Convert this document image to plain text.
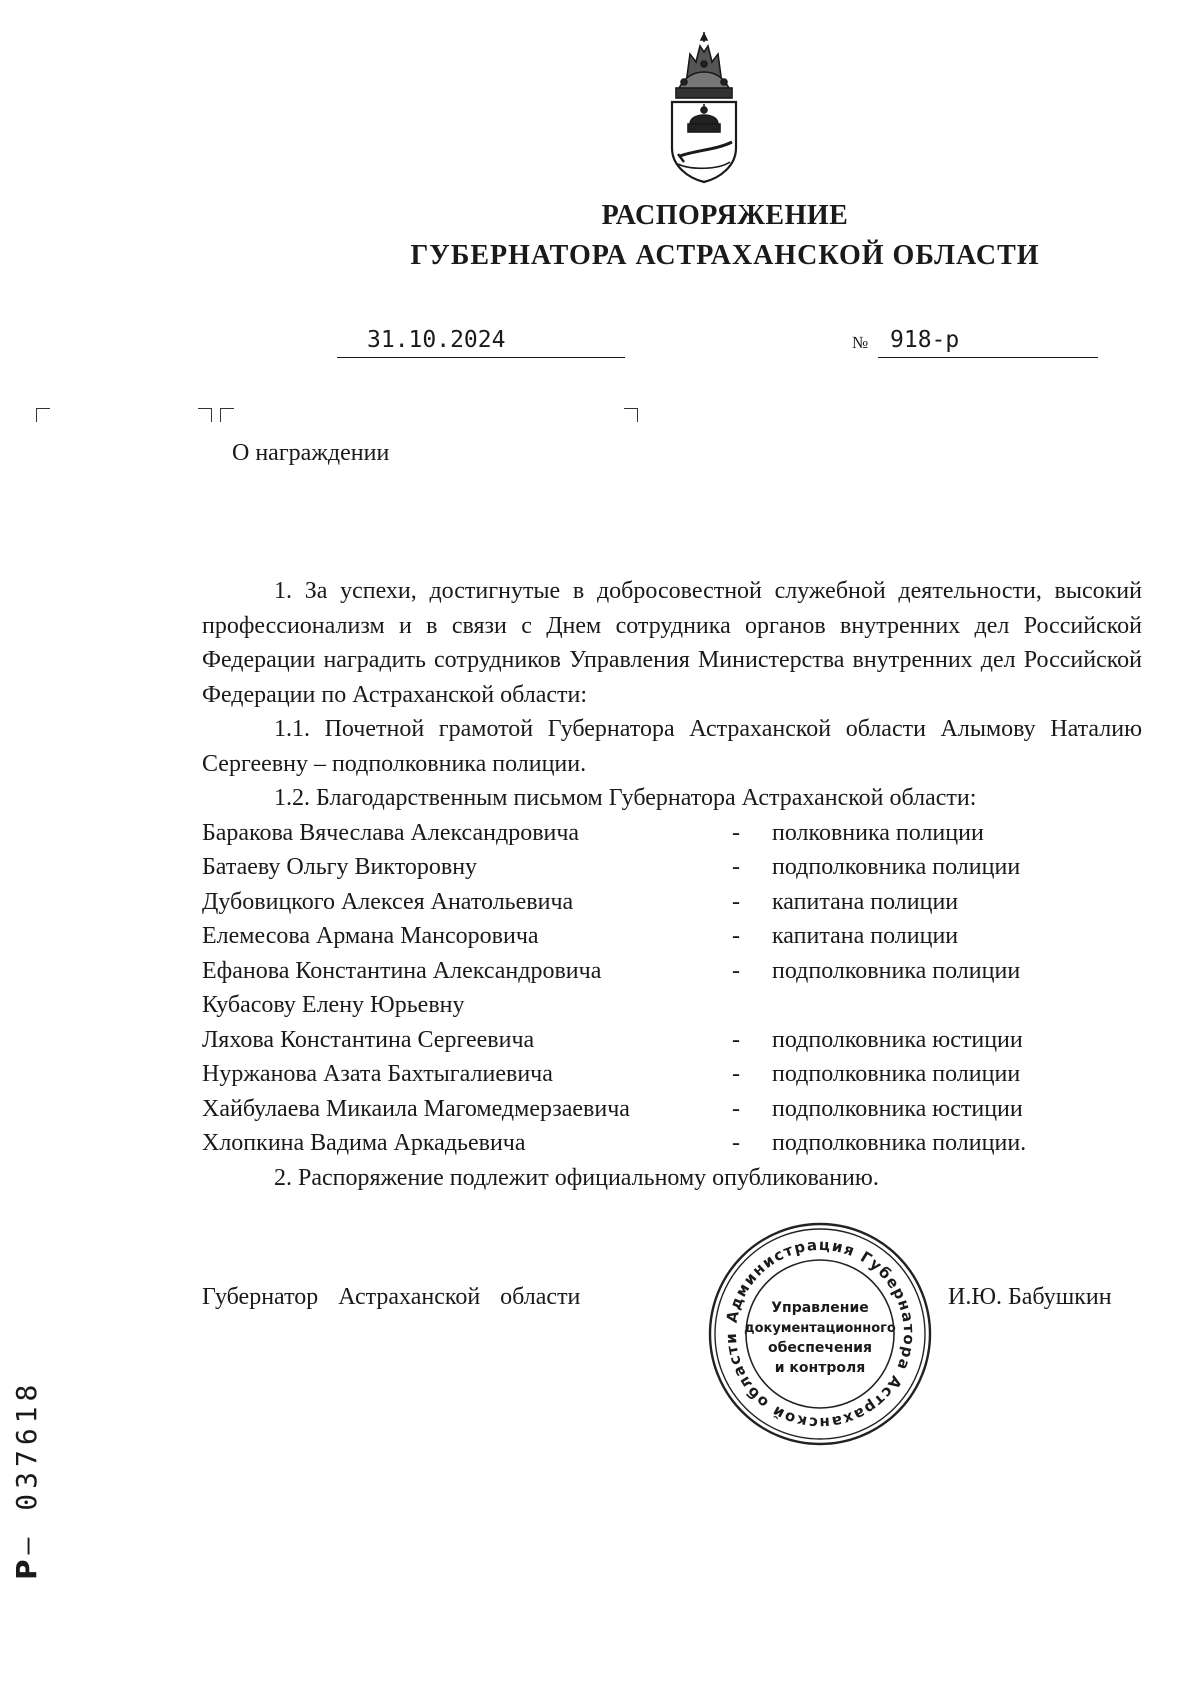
РАСПОРЯЖЕНИЕ
ГУБЕРНАТОРА АСТРАХАНСКОЙ ОБЛАСТИ
31.10.2024	№ 918-р
О награждении

1. За успехи, достигнутые в добросовестной служебной деятельности, высокий профессионализм и в связи с Днем сотрудника органов внутренних дел Российской Федерации наградить сотрудников Управления Министерства внутренних дел Российской Федерации по Астраханской области:

1.1. Почетной грамотой Губернатора Астраханской области Алымову Наталию Сергеевну – подполковника полиции.

1.2. Благодарственным письмом Губернатора Астраханской области:

Баракова Вячеслава Александровича	-	полковника полиции
Батаеву Ольгу Викторовну	-	подполковника полиции
Дубовицкого Алексея Анатольевича	-	капитана полиции
Елемесова Армана Мансоровича	-	капитана полиции
Ефанова Константина Александровича	-	подполковника полиции
Кубасову Елену Юрьевну		
Ляхова Константина Сергеевича	-	подполковника юстиции
Нуржанова Азата Бахтыгалиевича	-	подполковника полиции
Хайбулаева Микаила Магомедмерзаевича	-	подполковника юстиции
Хлопкина Вадима Аркадьевича	-	подполковника полиции.

2. Распоряжение подлежит официальному опубликованию.

Губернатор Астраханской области
Администрация Губернатора Астраханской области
Управление
документационного
обеспечения
и контроля
И.Ю. Бабушкин
Р– 037618
